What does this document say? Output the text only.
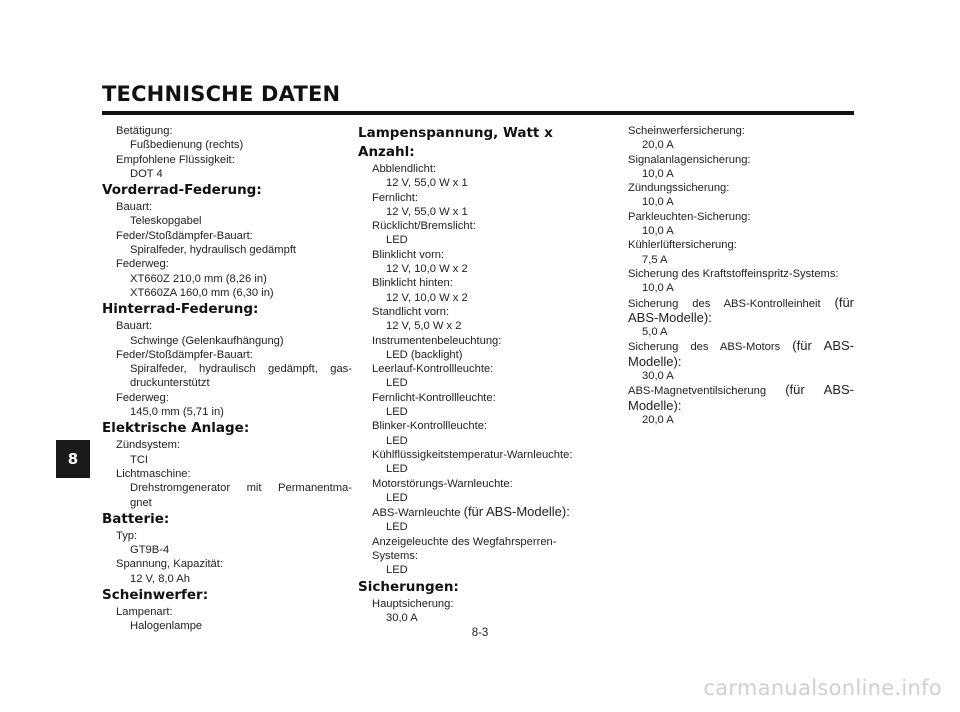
TECHNISCHE DATEN
8
Betätigung:
Fußbedienung (rechts)
Empfohlene Flüssigkeit:
DOT 4
Vorderrad-Federung:
Bauart:
Teleskopgabel
Feder/Stoßdämpfer-Bauart:
Spiralfeder, hydraulisch gedämpft
Federweg:
XT660Z 210,0 mm (8,26 in)
XT660ZA 160,0 mm (6,30 in)
Hinterrad-Federung:
Bauart:
Schwinge (Gelenkaufhängung)
Feder/Stoßdämpfer-Bauart:
Spiralfeder, hydraulisch gedämpft, gas-
druckunterstützt
Federweg:
145,0 mm (5,71 in)
Elektrische Anlage:
Zündsystem:
TCI
Lichtmaschine:
Drehstromgenerator mit Permanentma-
gnet
Batterie:
Typ:
GT9B-4
Spannung, Kapazität:
12 V, 8,0 Ah
Scheinwerfer:
Lampenart:
Halogenlampe
Lampenspannung, Watt x Anzahl:
Abblendlicht:
12 V, 55,0 W x 1
Fernlicht:
12 V, 55,0 W x 1
Rücklicht/Bremslicht:
LED
Blinklicht vorn:
12 V, 10,0 W x 2
Blinklicht hinten:
12 V, 10,0 W x 2
Standlicht vorn:
12 V, 5,0 W x 2
Instrumentenbeleuchtung:
LED (backlight)
Leerlauf-Kontrollleuchte:
LED
Fernlicht-Kontrollleuchte:
LED
Blinker-Kontrollleuchte:
LED
Kühlflüssigkeitstemperatur-Warnleuchte:
LED
Motorstörungs-Warnleuchte:
LED
ABS-Warnleuchte (für ABS-Modelle):
LED
Anzeigeleuchte des Wegfahrsperren-
Systems:
LED
Sicherungen:
Hauptsicherung:
30,0 A
Scheinwerfersicherung:
20,0 A
Signalanlagensicherung:
10,0 A
Zündungssicherung:
10,0 A
Parkleuchten-Sicherung:
10,0 A
Kühlerlüftersicherung:
7,5 A
Sicherung des Kraftstoffeinspritz-Systems:
10,0 A
Sicherung des ABS-Kontrolleinheit (für
ABS-Modelle):
5,0 A
Sicherung des ABS-Motors (für ABS-
Modelle):
30,0 A
ABS-Magnetventilsicherung (für ABS-
Modelle):
20,0 A
8-3
carmanualsonline.info
